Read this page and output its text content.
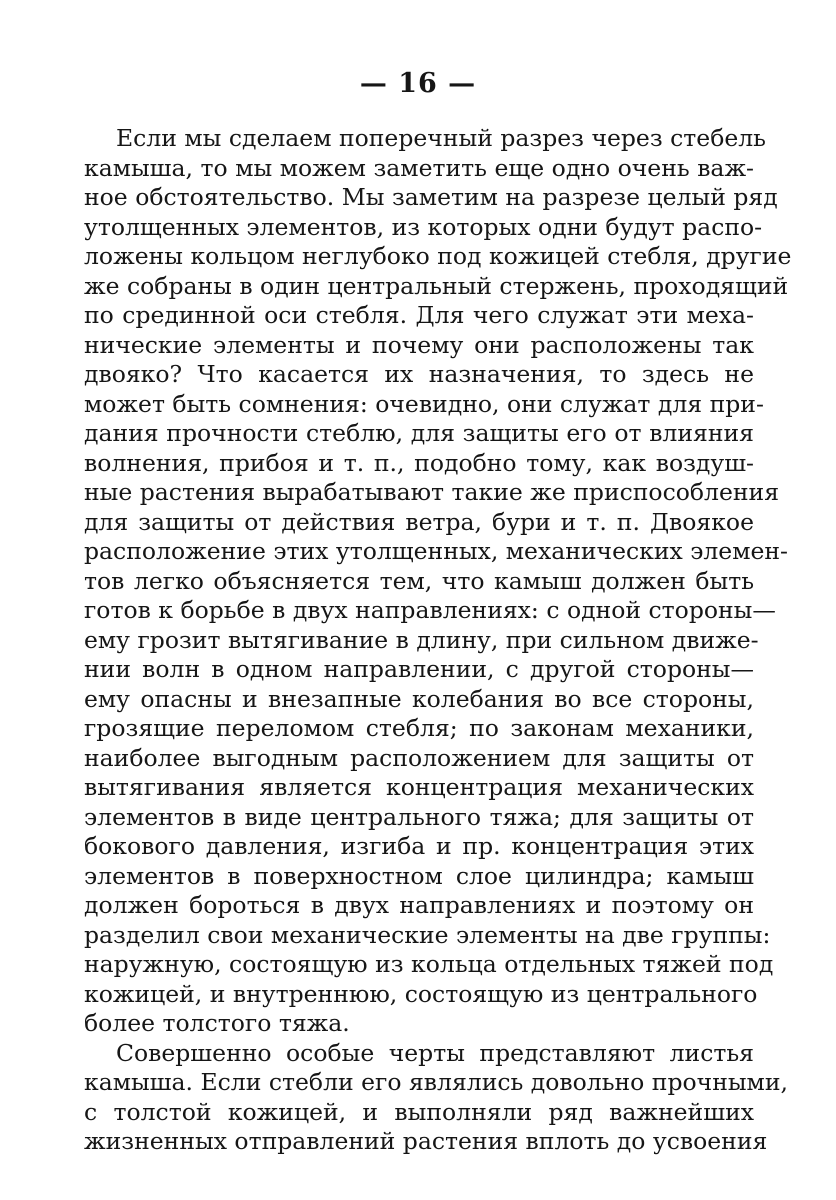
— 16 —
Если мы сделаем поперечный разрез через стебель
камыша, то мы можем заметить еще одно очень важ-
ное обстоятельство. Мы заметим на разрезе целый ряд
утолщенных элементов, из которых одни будут распо-
ложены кольцом неглубоко под кожицей стебля, другие
же собраны в один центральный стержень, проходящий
по срединной оси стебля. Для чего служат эти меха-
нические элементы и почему они расположены так
двояко? Что касается их назначения, то здесь не
может быть сомнения: очевидно, они служат для при-
дания прочности стеблю, для защиты его от влияния
волнения, прибоя и т. п., подобно тому, как воздуш-
ные растения вырабатывают такие же приспособления
для защиты от действия ветра, бури и т. п. Двоякое
расположение этих утолщенных, механических элемен-
тов легко объясняется тем, что камыш должен быть
готов к борьбе в двух направлениях: с одной стороны—
ему грозит вытягивание в длину, при сильном движе-
нии волн в одном направлении, с другой стороны—
ему опасны и внезапные колебания во все стороны,
грозящие переломом стебля; по законам механики,
наиболее выгодным расположением для защиты от
вытягивания является концентрация механических
элементов в виде центрального тяжа; для защиты от
бокового давления, изгиба и пр. концентрация этих
элементов в поверхностном слое цилиндра; камыш
должен бороться в двух направлениях и поэтому он
разделил свои механические элементы на две группы:
наружную, состоящую из кольца отдельных тяжей под
кожицей, и внутреннюю, состоящую из центрального
более толстого тяжа.
Совершенно особые черты представляют листья
камыша. Если стебли его являлись довольно прочными,
с толстой кожицей, и выполняли ряд важнейших
жизненных отправлений растения вплоть до усвоения
